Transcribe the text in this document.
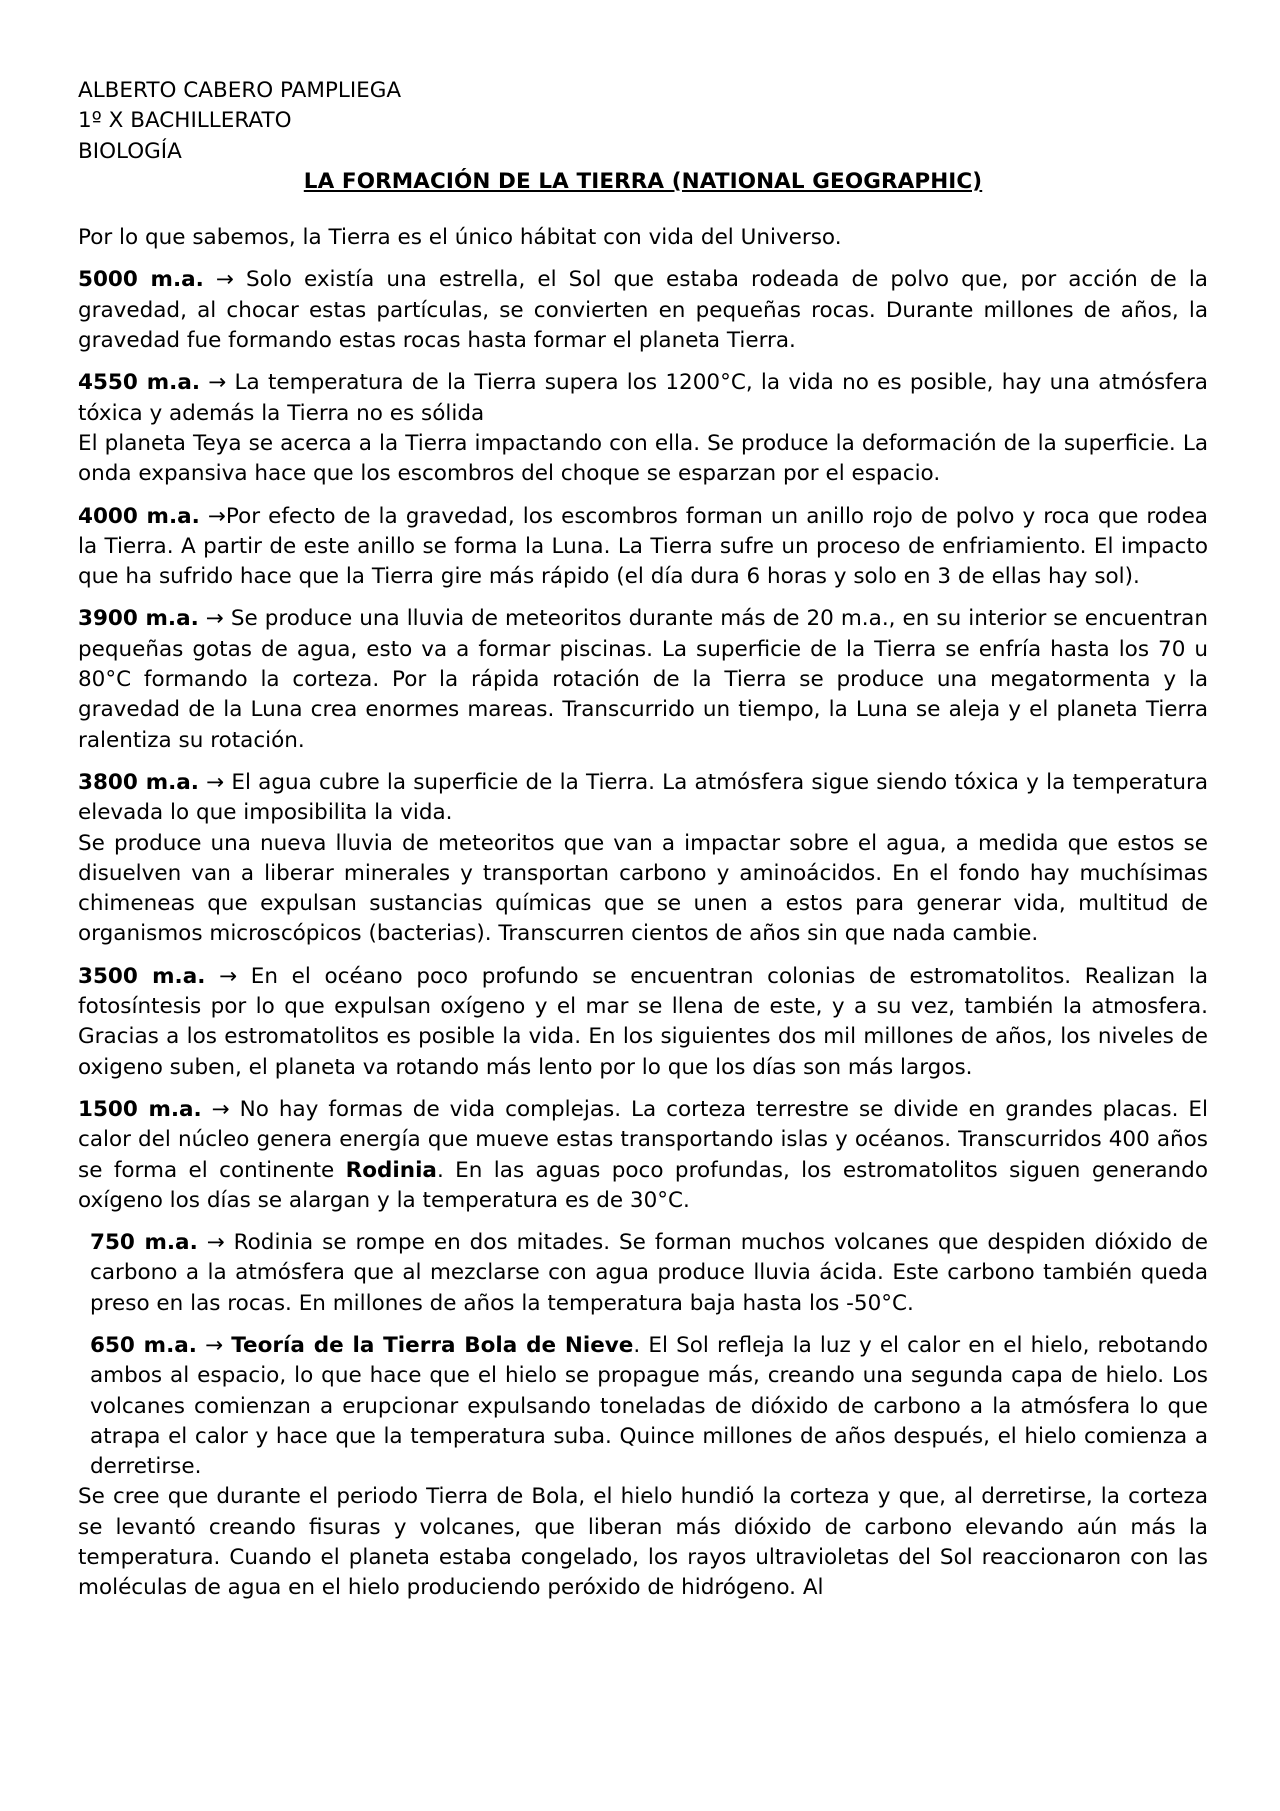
ALBERTO CABERO PAMPLIEGA
1º X BACHILLERATO
BIOLOGÍA
LA FORMACIÓN DE LA TIERRA (NATIONAL GEOGRAPHIC)

Por lo que sabemos, la Tierra es el único hábitat con vida del Universo.

5000 m.a. → Solo existía una estrella, el Sol que estaba rodeada de polvo que, por acción de la gravedad, al chocar estas partículas, se convierten en pequeñas rocas. Durante millones de años, la gravedad fue formando estas rocas hasta formar el planeta Tierra.

4550 m.a. → La temperatura de la Tierra supera los 1200°C, la vida no es posible, hay una atmósfera tóxica y además la Tierra no es sólida

El planeta Teya se acerca a la Tierra impactando con ella. Se produce la deformación de la superficie. La onda expansiva hace que los escombros del choque se esparzan por el espacio.

4000 m.a. →Por efecto de la gravedad, los escombros forman un anillo rojo de polvo y roca que rodea la Tierra. A partir de este anillo se forma la Luna. La Tierra sufre un proceso de enfriamiento. El impacto que ha sufrido hace que la Tierra gire más rápido (el día dura 6 horas y solo en 3 de ellas hay sol).

3900 m.a. → Se produce una lluvia de meteoritos durante más de 20 m.a., en su interior se encuentran pequeñas gotas de agua, esto va a formar piscinas. La superficie de la Tierra se enfría hasta los 70 u 80°C formando la corteza. Por la rápida rotación de la Tierra se produce una megatormenta y la gravedad de la Luna crea enormes mareas. Transcurrido un tiempo, la Luna se aleja y el planeta Tierra ralentiza su rotación.

3800 m.a. → El agua cubre la superficie de la Tierra. La atmósfera sigue siendo tóxica y la temperatura elevada lo que imposibilita la vida.

Se produce una nueva lluvia de meteoritos que van a impactar sobre el agua, a medida que estos se disuelven van a liberar minerales y transportan carbono y aminoácidos. En el fondo hay muchísimas chimeneas que expulsan sustancias químicas que se unen a estos para generar vida, multitud de organismos microscópicos (bacterias). Transcurren cientos de años sin que nada cambie.

3500 m.a. → En el océano poco profundo se encuentran colonias de estromatolitos. Realizan la fotosíntesis por lo que expulsan oxígeno y el mar se llena de este, y a su vez, también la atmosfera. Gracias a los estromatolitos es posible la vida. En los siguientes dos mil millones de años, los niveles de oxigeno suben, el planeta va rotando más lento por lo que los días son más largos.

1500 m.a. → No hay formas de vida complejas. La corteza terrestre se divide en grandes placas. El calor del núcleo genera energía que mueve estas transportando islas y océanos. Transcurridos 400 años se forma el continente Rodinia. En las aguas poco profundas, los estromatolitos siguen generando oxígeno los días se alargan y la temperatura es de 30°C.

750 m.a. → Rodinia se rompe en dos mitades. Se forman muchos volcanes que despiden dióxido de carbono a la atmósfera que al mezclarse con agua produce lluvia ácida. Este carbono también queda preso en las rocas. En millones de años la temperatura baja hasta los -50°C.

650 m.a. → Teoría de la Tierra Bola de Nieve. El Sol refleja la luz y el calor en el hielo, rebotando ambos al espacio, lo que hace que el hielo se propague más, creando una segunda capa de hielo. Los volcanes comienzan a erupcionar expulsando toneladas de dióxido de carbono a la atmósfera lo que atrapa el calor y hace que la temperatura suba. Quince millones de años después, el hielo comienza a derretirse.

Se cree que durante el periodo Tierra de Bola, el hielo hundió la corteza y que, al derretirse, la corteza se levantó creando fisuras y volcanes, que liberan más dióxido de carbono elevando aún más la temperatura. Cuando el planeta estaba congelado, los rayos ultravioletas del Sol reaccionaron con las moléculas de agua en el hielo produciendo peróxido de hidrógeno. Al
